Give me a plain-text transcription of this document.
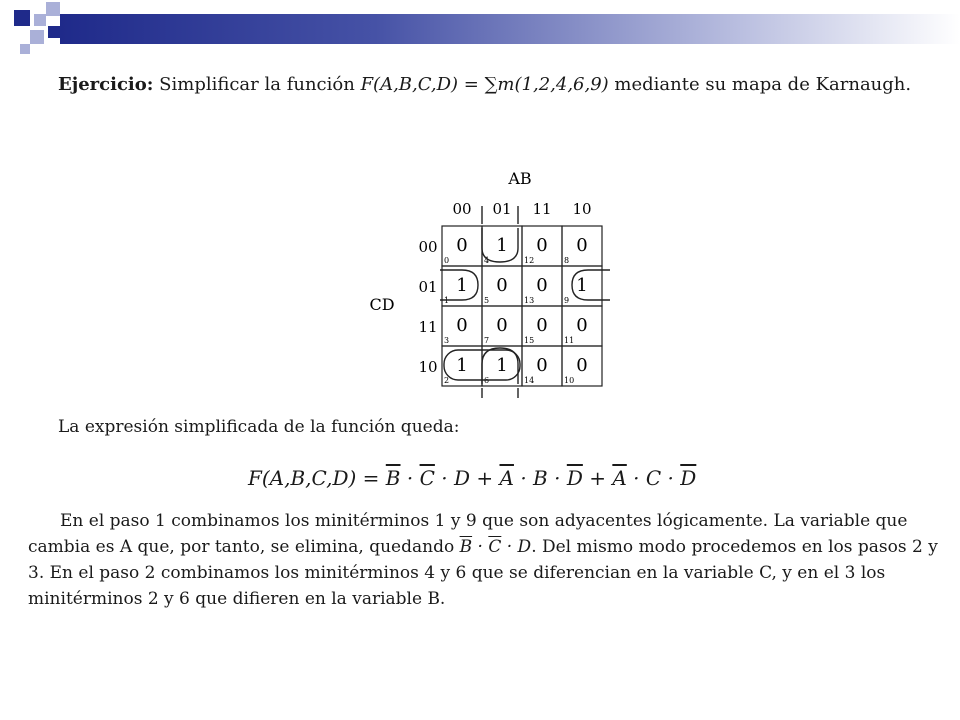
Ejercicio: Simplificar la función F(A,B,C,D) = ∑m(1,2,4,6,9) mediante su mapa de Karnaugh.
AB
CD
00 01 11 10
00
01
11
10
0
0
1
4
0
12
0
8
1
1
0
5
0
13
1
9
0
3
0
7
0
15
0
11
1
2
1
6
0
14
0
10
La expresión simplificada de la función queda:
$F(A,B,C,D) = \overline{B} \cdot \overline{C} \cdot D + \overline{A} \cdot B \cdot \overline{D} + \overline{A} \cdot C \cdot \overline{D}$
En el paso 1 combinamos los minitérminos 1 y 9 que son adyacentes lógicamente. La variable que cambia es A que, por tanto, se elimina, quedando $\overline{B} \cdot \overline{C} \cdot D$. Del mismo modo procedemos en los pasos 2 y 3. En el paso 2 combinamos los minitérminos 4 y 6 que se diferencian en la variable C, y en el 3 los minitérminos 2 y 6 que difieren en la variable B.
